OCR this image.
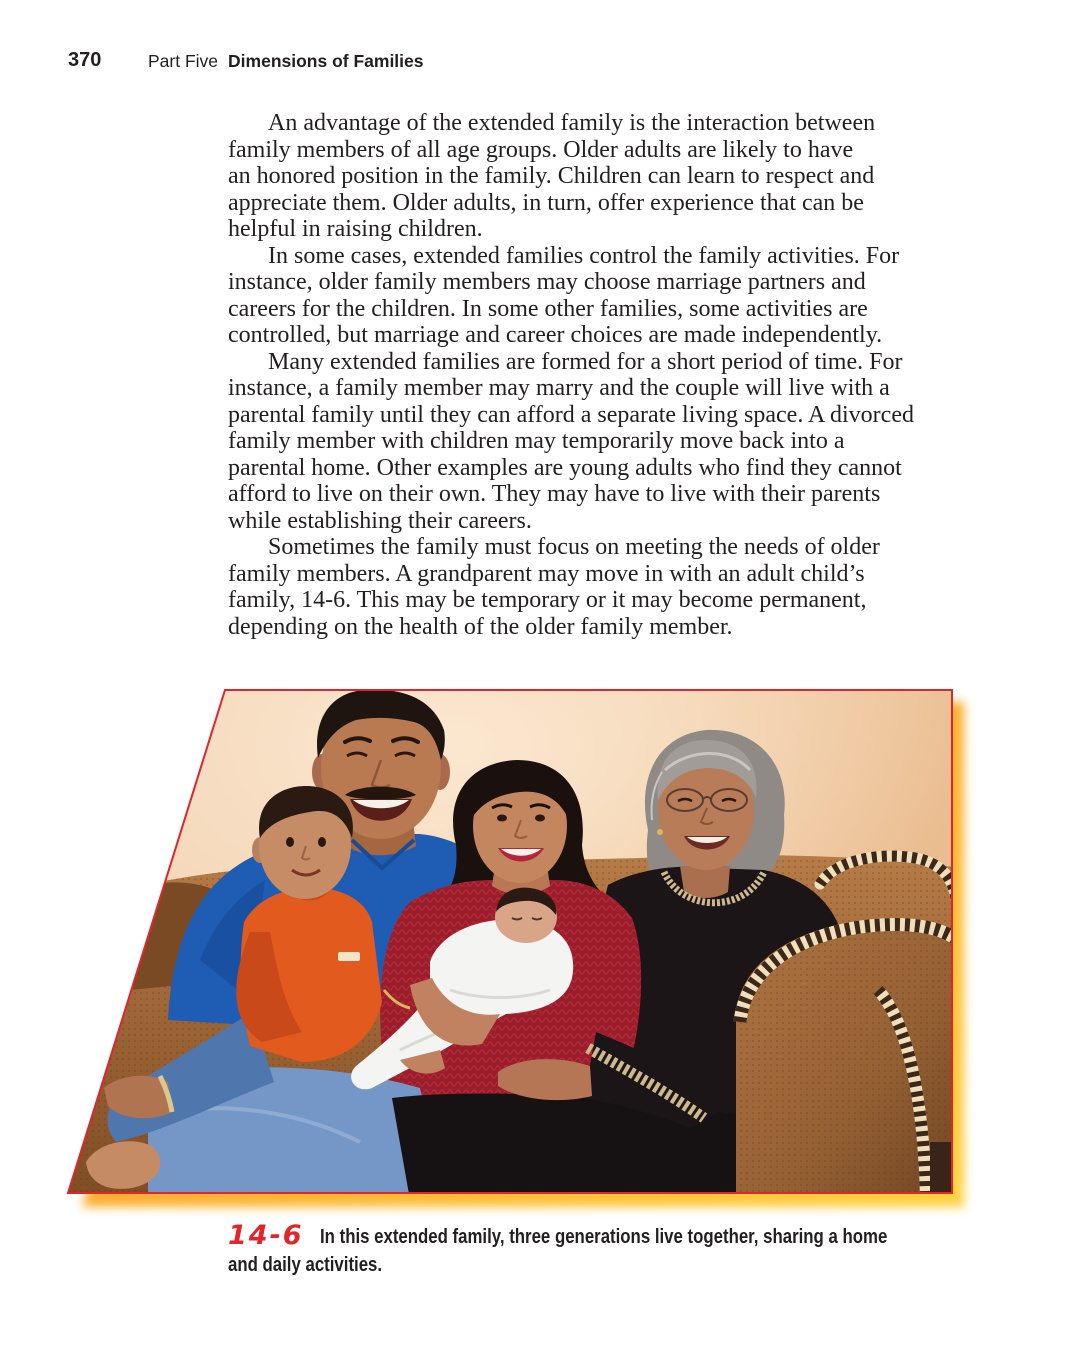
370	Part Five Dimensions of Families
An advantage of the extended family is the interaction between
family members of all age groups. Older adults are likely to have
an honored position in the family. Children can learn to respect and
appreciate them. Older adults, in turn, offer experience that can be
helpful in raising children.
In some cases, extended families control the family activities. For
instance, older family members may choose marriage partners and
careers for the children. In some other families, some activities are
controlled, but marriage and career choices are made independently.
Many extended families are formed for a short period of time. For
instance, a family member may marry and the couple will live with a
parental family until they can afford a separate living space. A divorced
family member with children may temporarily move back into a
parental home. Other examples are young adults who find they cannot
afford to live on their own. They may have to live with their parents
while establishing their careers.
Sometimes the family must focus on meeting the needs of older
family members. A grandparent may move in with an adult child’s
family, 14-6. This may be temporary or it may become permanent,
depending on the health of the older family member.
14-6 In this extended family, three generations live together, sharing a home
and daily activities.
